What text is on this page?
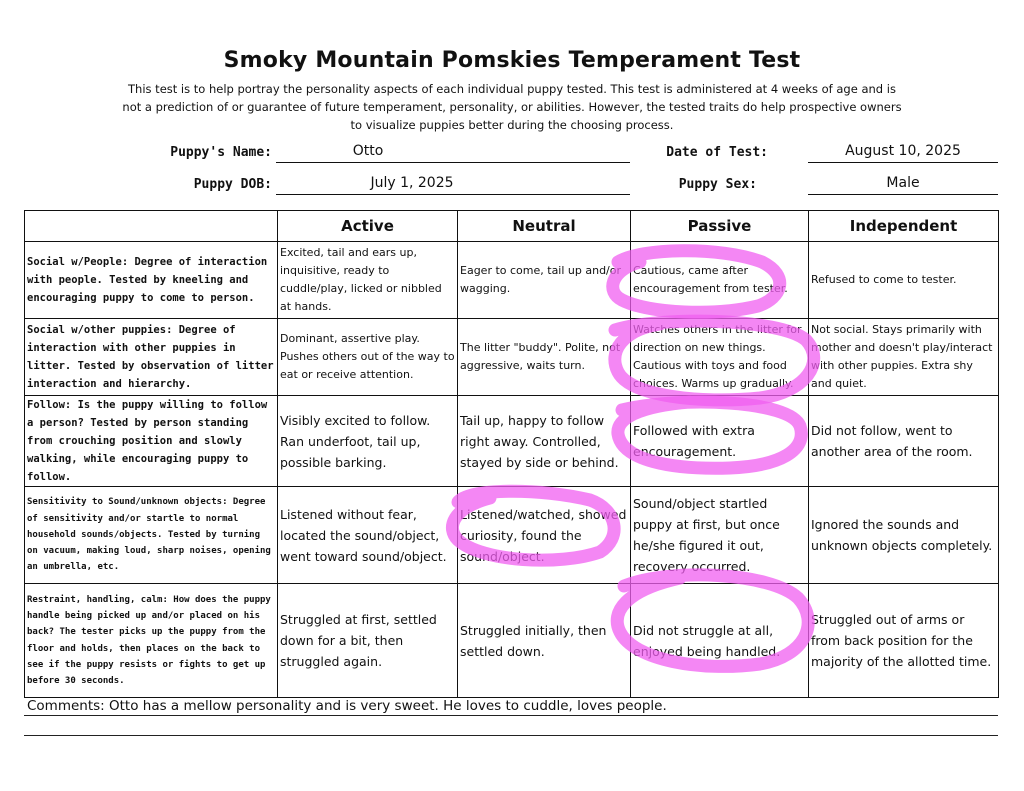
Smoky Mountain Pomskies Temperament Test
This test is to help portray the personality aspects of each individual puppy tested. This test is administered at 4 weeks of age and is not a prediction of or guarantee of future temperament, personality, or abilities. However, the tested traits do help prospective owners to visualize puppies better during the choosing process.
Puppy's Name:	Otto	Date of Test:	August 10, 2025
Puppy DOB:	July 1, 2025	Puppy Sex:	Male
	Active	Neutral	Passive	Independent
Social w/People: Degree of interaction with people. Tested by kneeling and encouraging puppy to come to person.	Excited, tail and ears up, inquisitive, ready to cuddle/play, licked or nibbled at hands.	Eager to come, tail up and/or wagging.	Cautious, came after encouragement from tester.	Refused to come to tester.
Social w/other puppies: Degree of interaction with other puppies in litter. Tested by observation of litter interaction and hierarchy.	Dominant, assertive play. Pushes others out of the way to eat or receive attention.	The litter "buddy". Polite, not aggressive, waits turn.	Watches others in the litter for direction on new things. Cautious with toys and food choices. Warms up gradually.	Not social. Stays primarily with mother and doesn't play/interact with other puppies. Extra shy and quiet.
Follow: Is the puppy willing to follow a person? Tested by person standing from crouching position and slowly walking, while encouraging puppy to follow.	Visibly excited to follow. Ran underfoot, tail up, possible barking.	Tail up, happy to follow right away. Controlled, stayed by side or behind.	Followed with extra encouragement.	Did not follow, went to another area of the room.
Sensitivity to Sound/unknown objects: Degree of sensitivity and/or startle to normal household sounds/objects. Tested by turning on vacuum, making loud, sharp noises, opening an umbrella, etc.	Listened without fear, located the sound/object, went toward sound/object.	Listened/watched, showed curiosity, found the sound/object.	Sound/object startled puppy at first, but once he/she figured it out, recovery occurred.	Ignored the sounds and unknown objects completely.
Restraint, handling, calm: How does the puppy handle being picked up and/or placed on his back? The tester picks up the puppy from the floor and holds, then places on the back to see if the puppy resists or fights to get up before 30 seconds.	Struggled at first, settled down for a bit, then struggled again.	Struggled initially, then settled down.	Did not struggle at all, enjoyed being handled.	Struggled out of arms or from back position for the majority of the allotted time.
Comments: Otto has a mellow personality and is very sweet. He loves to cuddle, loves people.
